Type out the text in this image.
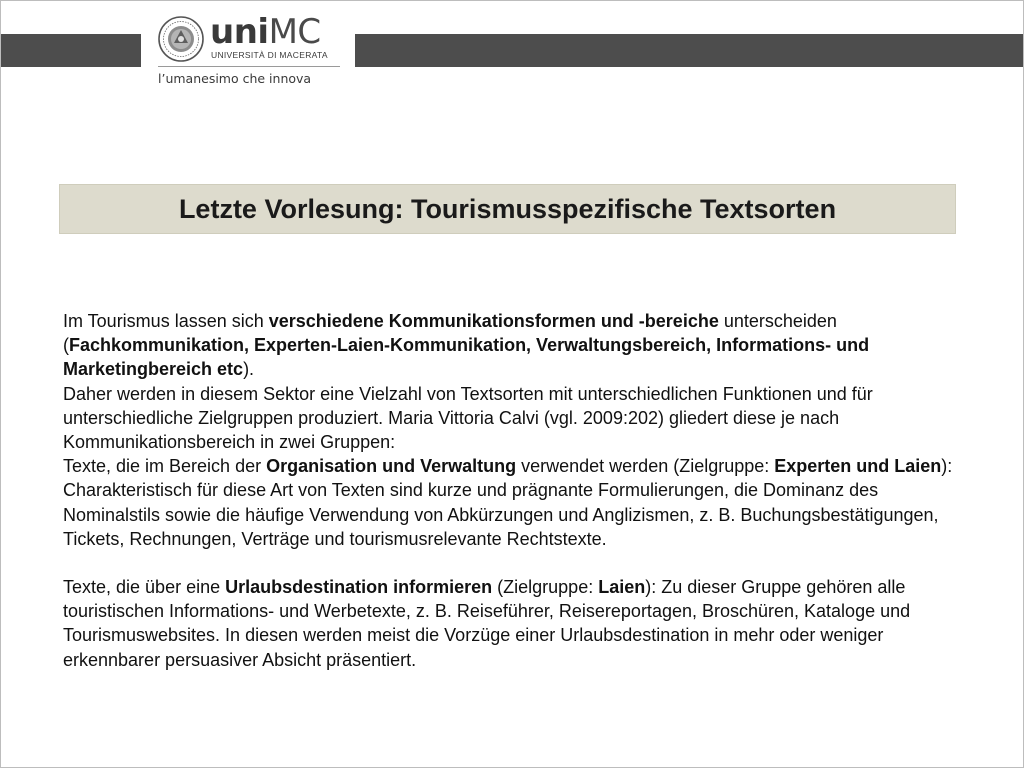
uniMC
UNIVERSITÀ DI MACERATA
l’umanesimo che innova
Letzte Vorlesung: Tourismusspezifische Textsorten

Im Tourismus lassen sich verschiedene Kommunikationsformen und -bereiche unterscheiden (Fachkommunikation, Experten-Laien-Kommunikation, Verwaltungsbereich, Informations- und Marketingbereich etc).

Daher werden in diesem Sektor eine Vielzahl von Textsorten mit unterschiedlichen Funktionen und für unterschiedliche Zielgruppen produziert. Maria Vittoria Calvi (vgl. 2009:202) gliedert diese je nach Kommunikationsbereich in zwei Gruppen:

Texte, die im Bereich der Organisation und Verwaltung verwendet werden (Zielgruppe: Experten und Laien): Charakteristisch für diese Art von Texten sind kurze und prägnante Formulierungen, die Dominanz des Nominalstils sowie die häufige Verwendung von Abkürzungen und Anglizismen, z. B. Buchungsbestätigungen, Tickets, Rechnungen, Verträge und tourismusrelevante Rechtstexte.

Texte, die über eine Urlaubsdestination informieren (Zielgruppe: Laien): Zu dieser Gruppe gehören alle touristischen Informations- und Werbetexte, z. B. Reiseführer, Reisereportagen, Broschüren, Kataloge und Tourismuswebsites. In diesen werden meist die Vorzüge einer Urlaubsdestination in mehr oder weniger erkennbarer persuasiver Absicht präsentiert.
